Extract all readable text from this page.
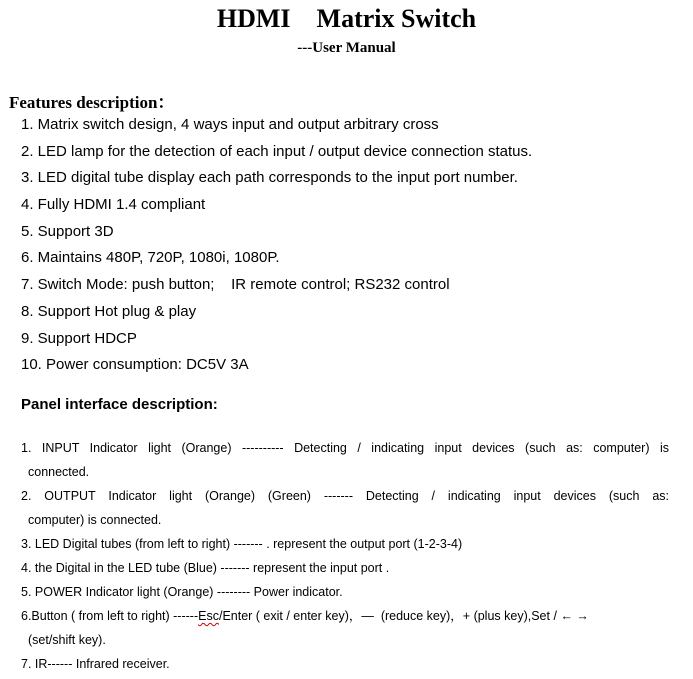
HDMI    Matrix Switch
---User Manual
Features description：
1. Matrix switch design, 4 ways input and output arbitrary cross
2. LED lamp for the detection of each input / output device connection status.
3. LED digital tube display each path corresponds to the input port number.
4. Fully HDMI 1.4 compliant
5. Support 3D
6. Maintains 480P, 720P, 1080i, 1080P.
7. Switch Mode: push button;    IR remote control; RS232 control
8. Support Hot plug & play
9. Support HDCP
10. Power consumption: DC5V 3A
Panel interface description:
1. INPUT Indicator light (Orange) ---------- Detecting / indicating input devices (such as: computer) is
connected.
2. OUTPUT Indicator light (Orange) (Green) ------- Detecting / indicating input devices (such as:
computer) is connected.
3. LED Digital tubes (from left to right) ------- . represent the output port (1-2-3-4)
4. the Digital in the LED tube (Blue) ------- represent the input port .
5. POWER Indicator light (Orange) -------- Power indicator.
6.Button ( from left to right) ------Esc/Enter ( exit / enter key)，—  (reduce key)，+ (plus key),Set / ← →
(set/shift key).
7. IR------ Infrared receiver.
